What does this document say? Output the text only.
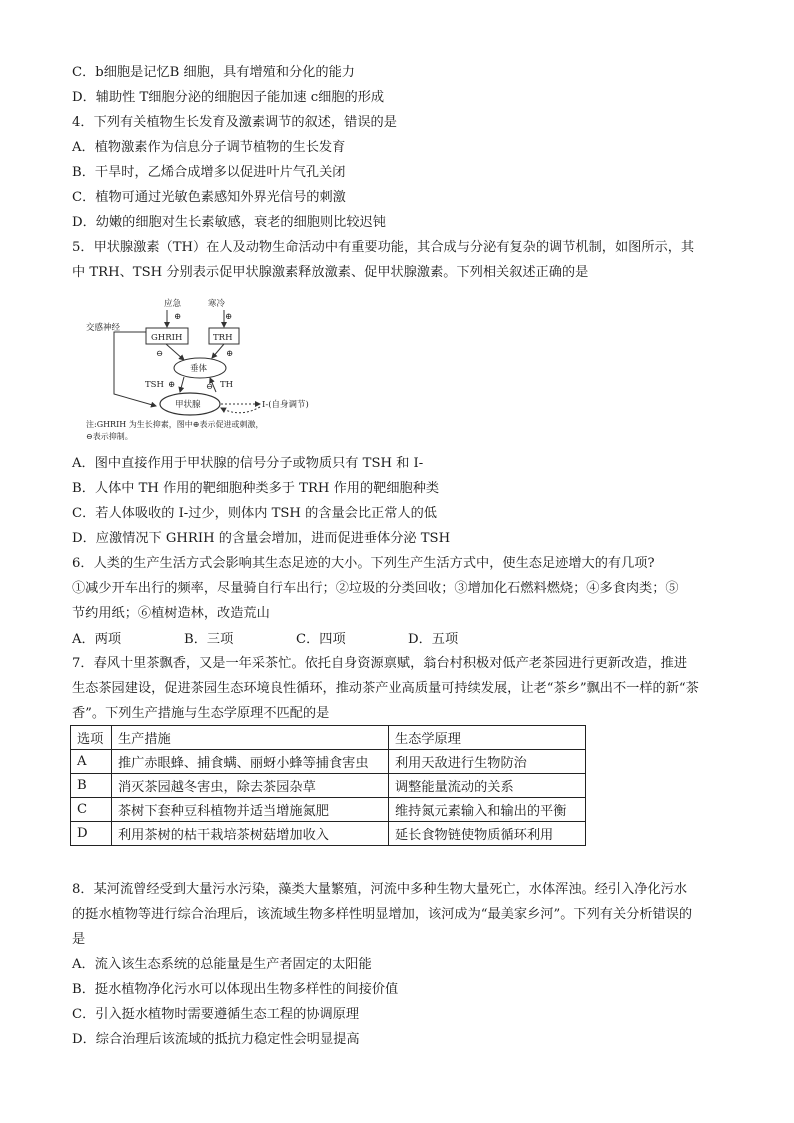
C．b细胞是记忆B 细胞，具有增殖和分化的能力
D．辅助性 T细胞分泌的细胞因子能加速 c细胞的形成
4．下列有关植物生长发育及激素调节的叙述，错误的是
A．植物激素作为信息分子调节植物的生长发育
B．干旱时，乙烯合成增多以促进叶片气孔关闭
C．植物可通过光敏色素感知外界光信号的刺激
D．幼嫩的细胞对生长素敏感，衰老的细胞则比较迟钝
5．甲状腺激素（TH）在人及动物生命活动中有重要功能，其合成与分泌有复杂的调节机制，如图所示，其
中 TRH、TSH 分别表示促甲状腺激素释放激素、促甲状腺激素。下列相关叙述正确的是
应急	寒冷
交感神经
⊕	⊕
GHRIH	TRH
⊖	⊕
垂体
TSH ⊕	⊖ TH
甲状腺	I-(自身调节)
注:GHRIH 为生长抑素，图中⊕表示促进或刺激，
⊖表示抑制。
A．图中直接作用于甲状腺的信号分子或物质只有 TSH 和 I-
B．人体中 TH 作用的靶细胞种类多于 TRH 作用的靶细胞种类
C．若人体吸收的 I-过少，则体内 TSH 的含量会比正常人的低
D．应激情况下 GHRIH 的含量会增加，进而促进垂体分泌 TSH
6．人类的生产生活方式会影响其生态足迹的大小。下列生产生活方式中，使生态足迹增大的有几项?
①减少开车出行的频率，尽量骑自行车出行；②垃圾的分类回收；③增加化石燃料燃烧；④多食肉类；⑤
节约用纸；⑥植树造林，改造荒山
A．两项	B．三项	C．四项	D．五项
7．春风十里茶飘香，又是一年采茶忙。依托自身资源禀赋，翁台村积极对低产老茶园进行更新改造，推进
生态茶园建设，促进茶园生态环境良性循环，推动茶产业高质量可持续发展，让老“茶乡”飘出不一样的新“茶
香”。下列生产措施与生态学原理不匹配的是
选项	生产措施	生态学原理
A	推广赤眼蜂、捕食螨、丽蚜小蜂等捕食害虫	利用天敌进行生物防治
B	消灭茶园越冬害虫，除去茶园杂草	调整能量流动的关系
C	茶树下套种豆科植物并适当增施氮肥	维持氮元素输入和输出的平衡
D	利用茶树的枯干栽培茶树菇增加收入	延长食物链使物质循环利用
8．某河流曾经受到大量污水污染，藻类大量繁殖，河流中多种生物大量死亡，水体浑浊。经引入净化污水
的挺水植物等进行综合治理后，该流域生物多样性明显增加，该河成为“最美家乡河”。下列有关分析错误的
是
A．流入该生态系统的总能量是生产者固定的太阳能
B．挺水植物净化污水可以体现出生物多样性的间接价值
C．引入挺水植物时需要遵循生态工程的协调原理
D．综合治理后该流域的抵抗力稳定性会明显提高
